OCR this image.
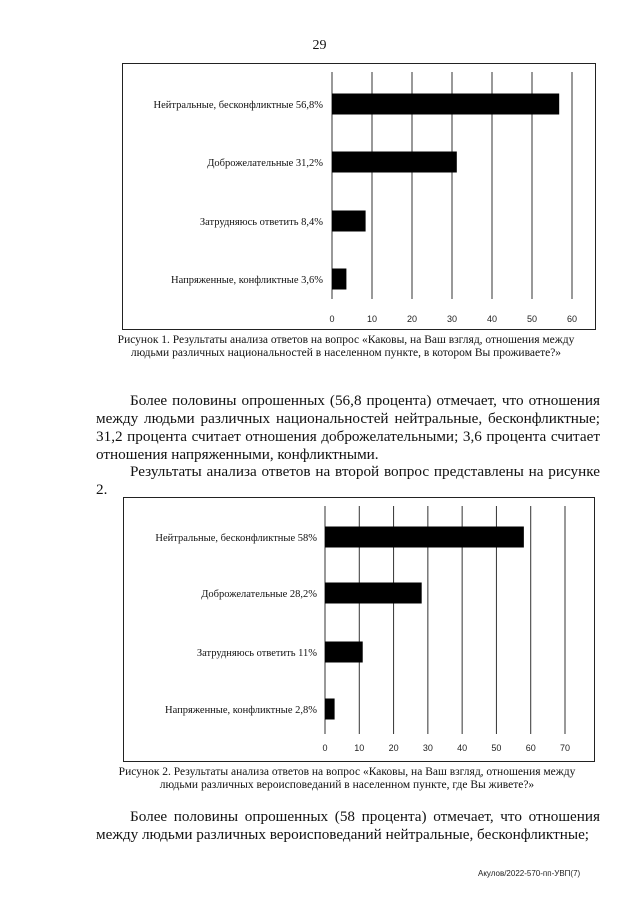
29
0	10	20	30	40	50	60
Нейтральные, бесконфликтные 56,8%
Доброжелательные 31,2%
Затрудняюсь ответить 8,4%
Напряженные, конфликтные 3,6%
Рисунок 1. Результаты анализа ответов на вопрос «Каковы, на Ваш взгляд, отношения между людьми различных национальностей в населенном пункте, в котором Вы проживаете?»
Более половины опрошенных (56,8 процента) отмечает, что отношения между людьми различных национальностей нейтральные, бесконфликтные; 31,2 процента считает отношения доброжелательными; 3,6 процента считает отношения напряженными, конфликтными.
Результаты анализа ответов на второй вопрос представлены на рисунке 2.
0	10	20	30	40	50	60	70
Нейтральные, бесконфликтные 58%
Доброжелательные 28,2%
Затрудняюсь ответить 11%
Напряженные, конфликтные 2,8%
Рисунок 2. Результаты анализа ответов на вопрос «Каковы, на Ваш взгляд, отношения между людьми различных вероисповеданий в населенном пункте, где Вы живете?»
Более половины опрошенных (58 процента) отмечает, что отношения между людьми различных вероисповеданий нейтральные, бесконфликтные;
Акулов/2022-570-пп-УВП(7)
